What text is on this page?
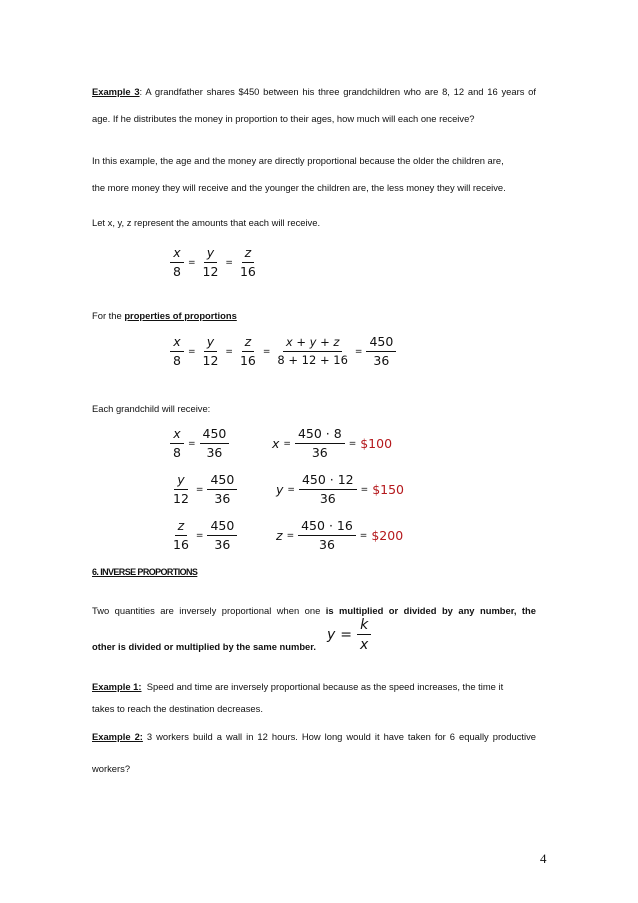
Example 3: A grandfather shares $450 between his three grandchildren who are 8, 12 and 16 years of
age. If he distributes the money in proportion to their ages, how much will each one receive?
In this example, the age and the money are directly proportional because the older the children are,
the more money they will receive and the younger the children are, the less money they will receive.
Let x, y, z represent the amounts that each will receive.
$\frac{x}{8} = \frac{y}{12} = \frac{z}{16}$
For the properties of proportions
$\frac{x}{8} = \frac{y}{12} = \frac{z}{16} = \frac{x + y + z}{8 + 12 + 16} = \frac{450}{36}$
Each grandchild will receive:
$\frac{x}{8} = \frac{450}{36}$	$x = \frac{450 \cdot 8}{36}$ = $100
$\frac{y}{12} = \frac{450}{36}$	$y = \frac{450 \cdot 12}{36}$ = $150
$\frac{z}{16} = \frac{450}{36}$	$z = \frac{450 \cdot 16}{36}$ = $200
6. INVERSE PROPORTIONS
Two quantities are inversely proportional when one is multiplied or divided by any number, the
other is divided or multiplied by the same number.
$y = \frac{k}{x}$
Example 1:  Speed and time are inversely proportional because as the speed increases, the time it
takes to reach the destination decreases.
Example 2: 3 workers build a wall in 12 hours. How long would it have taken for 6 equally productive
workers?
4
